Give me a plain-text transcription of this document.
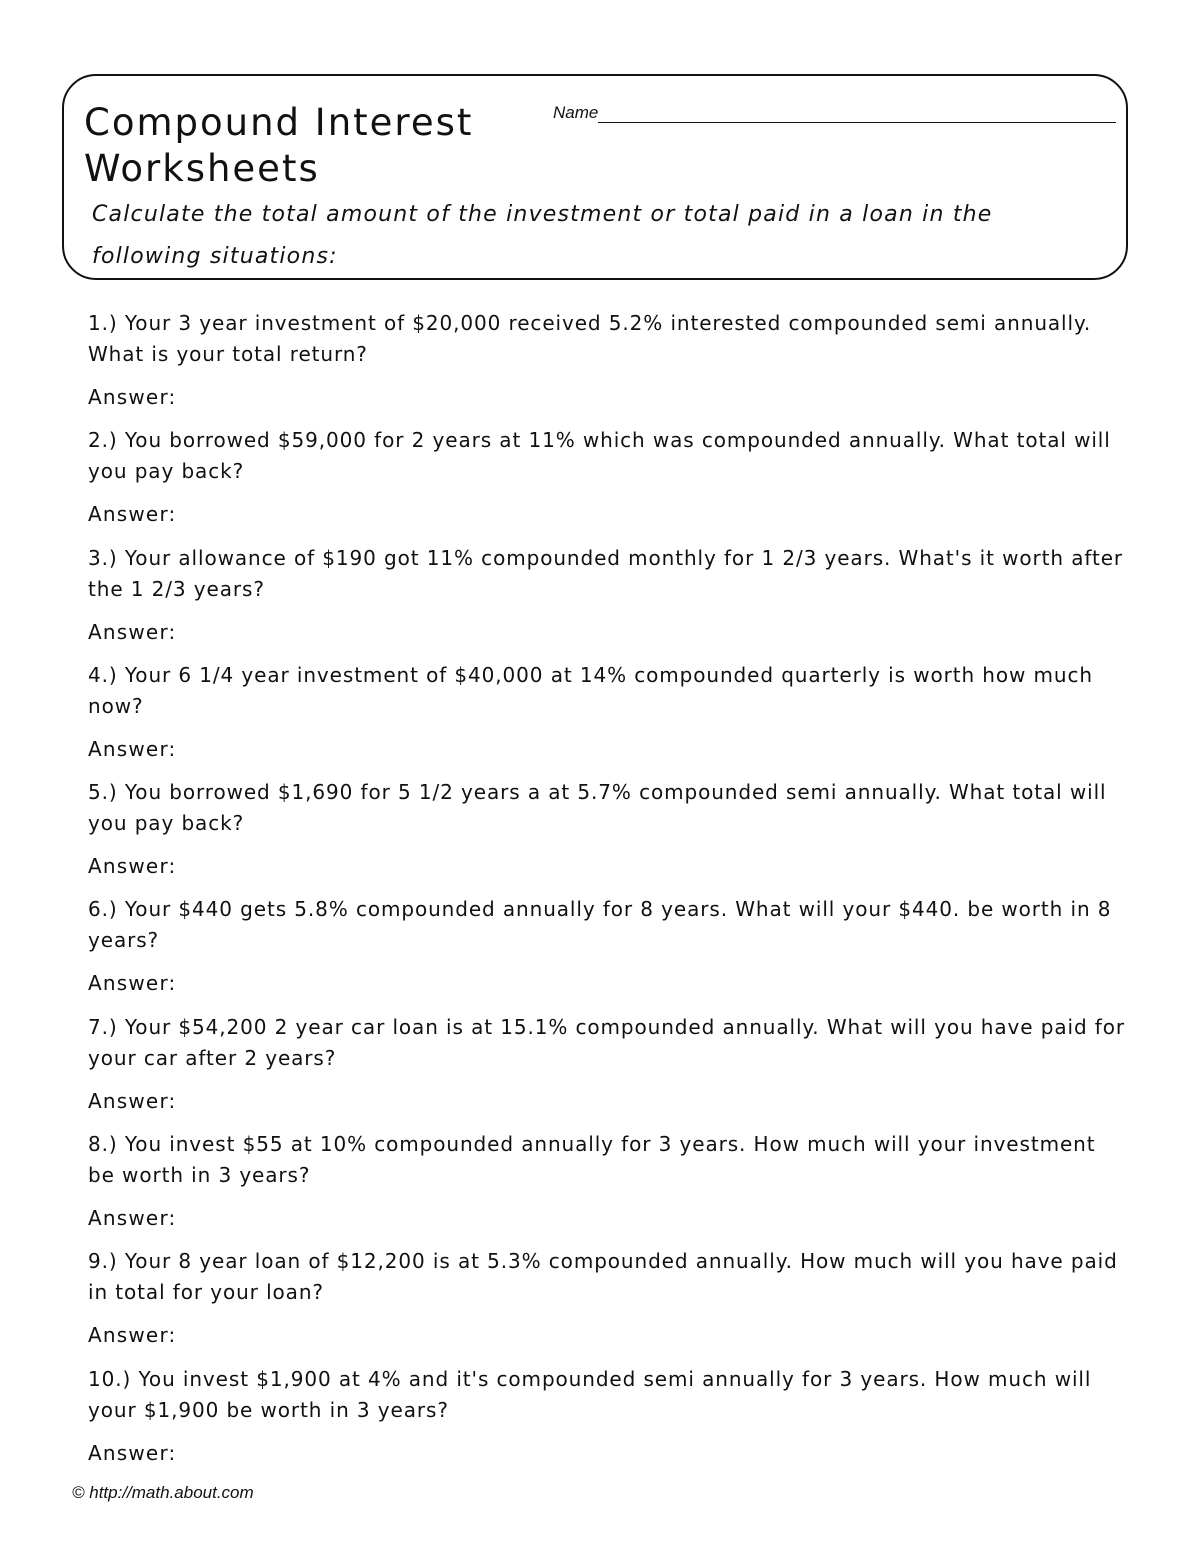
Compound Interest
Worksheets
Name
Calculate the total amount of the investment or total paid in a loan in the following situations:

1.) Your 3 year investment of $20,000 received 5.2% interested compounded semi annually. What is your total return?

Answer:

2.) You borrowed $59,000 for 2 years at 11% which was compounded annually. What total will you pay back?

Answer:

3.) Your allowance of $190 got 11% compounded monthly for 1 2/3 years. What's it worth after the 1 2/3 years?

Answer:

4.) Your 6 1/4 year investment of $40,000 at 14% compounded quarterly is worth how much now?

Answer:

5.) You borrowed $1,690 for 5 1/2 years a at 5.7% compounded semi annually. What total will you pay back?

Answer:

6.) Your $440 gets 5.8% compounded annually for 8 years. What will your $440. be worth in 8 years?

Answer:

7.) Your $54,200 2 year car loan is at 15.1% compounded annually. What will you have paid for your car after 2 years?

Answer:

8.) You invest $55 at 10% compounded annually for 3 years. How much will your investment be worth in 3 years?

Answer:

9.) Your 8 year loan of $12,200 is at 5.3% compounded annually. How much will you have paid in total for your loan?

Answer:

10.) You invest $1,900 at 4% and it's compounded semi annually for 3 years. How much will your $1,900 be worth in 3 years?

Answer:
© http://math.about.com
